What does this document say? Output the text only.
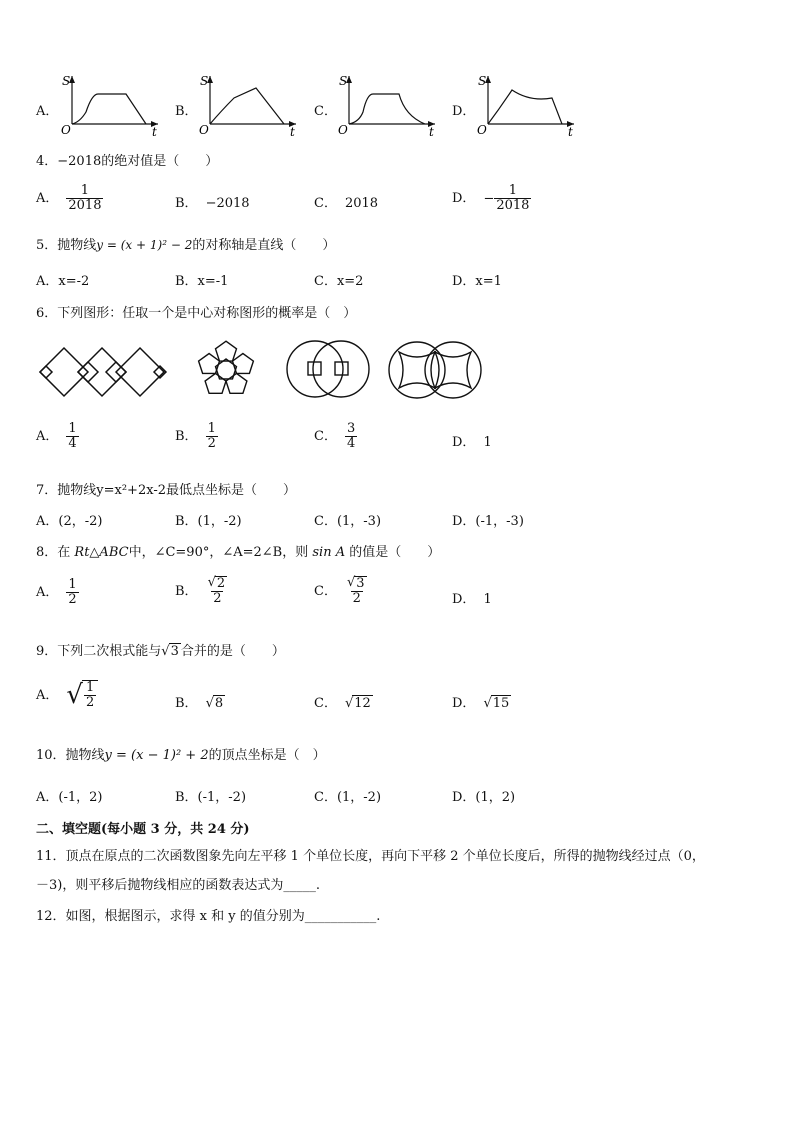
A．	B．	C．	D．
S
O	t
S
O	t
S
O	t
S
O	t
4．−2018的绝对值是（　　）
A． $\frac{1}{2018}$	B． −2018	C． 2018	D． − $\frac{1}{2018}$
5．抛物线y = (x + 1)² − 2的对称轴是直线（　　）
A．x=-2	B．x=-1	C．x=2	D．x=1
6．下列图形：任取一个是中心对称图形的概率是（　）
A． $\frac{1}{4}$	B． $\frac{1}{2}$	C． $\frac{3}{4}$	D． 1
7．抛物线y=x²+2x-2最低点坐标是（　　）
A．(2，-2)	B．(1，-2)	C．(1，-3)	D．(-1，-3)
8．在 Rt△ABC中，∠C=90°，∠A=2∠B，则 sin A 的值是（　　）
A． $\frac{1}{2}$	B． $\frac{√2}{2}$	C． $\frac{√3}{2}$	D． 1
9．下列二次根式能与√3 合并的是（　　）
A． √ $\frac{1}{2}$	B． √8	C． √12	D． √15
10．抛物线y = (x − 1)² + 2的顶点坐标是（　）
A．(-1，2)	B．(-1，-2)	C．(1，-2)	D．(1，2)
二、填空题(每小题 3 分，共 24 分)
11．顶点在原点的二次函数图象先向左平移 1 个单位长度，再向下平移 2 个单位长度后，所得的抛物线经过点（0，
－3)，则平移后抛物线相应的函数表达式为_____.
12．如图，根据图示，求得 x 和 y 的值分别为___________.
